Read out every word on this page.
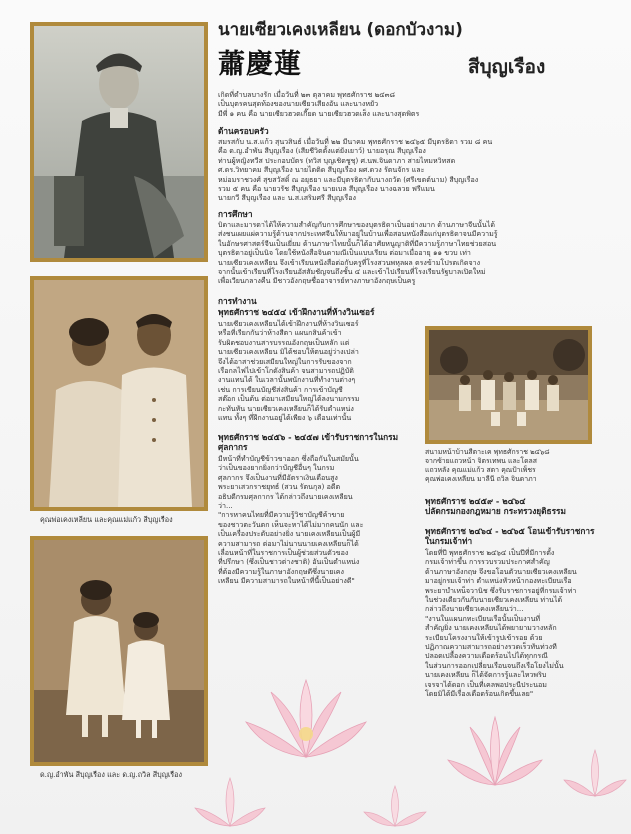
นายเซียวเคงเหลียน (ดอกบัวงาม)
蕭慶蓮	สีบุญเรือง
เกิดที่ตำบลบางรัก เมื่อวันที่ ๒๓ ตุลาคม พุทธศักราช ๒๔๓๘
เป็นบุตรคนสุดท้องของนายเซียวเสียงอัน และนางหยัว
มีพี่ ๑ คน คือ นายเซียวฮวดเกี๊ยด นายเซียวฮวดเส็ง และนางสุดพิตร
ด้านครอบครัว
สมรสกับ น.ส.แก้ว สุนวสินธ์ เมื่อวันที่ ๒๒ มีนาคม พุทธศักราช ๒๔๖๕ มีบุตรธิดา รวม ๘ คน
คือ ด.ญ.อำพัน สีบุญเรือง (เสียชีวิตตั้งแต่ยังเยาว์) นายอรุณ สีบุญเรือง
ท่านผู้หญิงทวีส ประกอบบัตร (ทวิส บุญเชิดชูชุ) ศ.นพ.จินดาภา สายไหมหวิทสด
ศ.ดร.วิทยาคม สีบุญเรือง นายไตติด สีบุญเรือง ผศ.ดวง รัตนจักร และ
หม่อมราชวงศ์ สุขสวัสดิ์ ณ อยุธยา และมีบุตรธิดากับนางถวัด (ศรีเขตต์นาม) สีบุญเรือง
รวม ๕ คน คือ นายวรัช สีบุญเรือง นายเบล สีบุญเรือง นางฉลวย ฟรีแมน
นายกวี สีบุญเรือง และ น.ส.เสริมศรี สีบุญเรือง
การศึกษา
บิดาและมารดาได้ให้ความสำคัญกับการศึกษาของบุตรธิดาเป็นอย่างมาก ด้านภาษาจีนนั้นได้
ส่งชนเผยแผ่ความรู้ด้านจากประเทศจีนให้มาอยู่ในบ้านเพื่อสอนหนังสือแก่บุตรธิดาจนมีความรู้
ในอักษรศาสตร์จีนเป็นเยี่ยม ด้านภาษาไทยนั้นก็ได้อาศัยหนูญาติที่มีความรู้ภาษาไทยช่วยสอน
บุตรธิดาอยู่เป็นนิจ โดยใช้หนังสือจินดามณีเป็นแบบเรียน ต่อมาเมื่ออายุ ๑๑ ขวบ เท่า
นายเซียวเคงเหลียน จึงเข้าเรียนหนังสือต่อกับครูที่โรงสวนพหุลผล ตรงข้ามโปรตเกิดจาง
จากนั้นเข้าเรียนที่โรงเรียนอัสสัมชัญจนถึงชั้น ๔ และเข้าไปเรียนที่โรงเรียนรัฐบาลเปิดใหม่
เพื่อเวียนกลางคืน มีชาวอังกฤษชื่ออาจารย์ทางภาษาอังกฤษเป็นครู
คุณพ่อเคงเหลียน และคุณแม่แก้ว สีบุญเรือง
การทำงาน
พุทธศักราช ๒๔๕๔ เข้าฝึกงานที่ห้างวินเซอร์
นายเซียวเคงเหลียนได้เข้าฝึกงานที่ห้างวินเซอร์
หรือที่เรียกกันว่าห้างสีตา แผนกสินค้าเข้า
รับผิดชอบงานสารบรรณอังกฤษเป็นหลัก แต่
นายเซียวเคงเหลียน มิได้ชอบให้ตนอยู่ว่างเปล่า
จึงได้อาสาช่วยเสมียนใหญ่ในการรับของจาก
เรือกลไฟไปเข้าโกดังสินค้า จนสามารถปฏิบัติ
งานแทนได้ ในเวลานั้นพนักงานที่ทำงานต่างๆ
เช่น การเขียนบัญชีส่งสินค้า การเข้าบัญชี
สต๊อก เป็นต้น ต่อมาเสมียนใหญ่ได้ลงนามกรรม
กะทันหัน นายเซียวเคงเหลียนก็ได้รับตำแหน่ง
แทน ทั้งๆ ที่ฝึกงานอยู่ได้เพียง ๖ เดือนเท่านั้น
พุทธศักราช ๒๔๕๖ - ๒๔๕๗ เข้ารับราชการในกรมศุลกากร
มีหน้าที่ทำบัญชีข้าวขาออก ซึ่งถือกันในสมัยนั้น
ว่าเป็นของยากยิ่งกว่าบัญชีอื่นๆ ในกรม
ศุลกากร จึงเป็นงานที่มีอัตราเงินเดือนสูง
พระยาเสวกราชยุทธ์ (สวน รัตนกุล) อดีต
อธิบดีกรมศุลกากร ได้กล่าวถึงนายเคงเหลียน
ว่า...
"การหาคนไทยที่มีความรู้วิชาบัญชีค้าขาย
ของชาวตะวันตก เห็นจะหาได้ไม่มากคนนัก และ
เป็นเครื่องประดับอย่างยิ่ง นายเคงเหลียนเป็นผู้มี
ความสามารถ ต่อมาไม่นานนายเคงเหลียนก็ได้
เลื่อนหน้าที่ในราชการเป็นผู้ช่วยส่วนตัวของ
ที่ปรึกษา (ซึ่งเป็นชาวต่างชาติ) อันเป็นตำแหน่ง
ที่ต้องมีความรู้ในภาษาอังกฤษดีซึ่งนายเคง
เหลียน มีความสามารถในหน้าที่นี้เป็นอย่างดี"
สนามหน้าบ้านสีตาะเค พุทธศักราช ๒๔๖๘
จากซ้ายแถวหน้า จิตรเทพน และโดลส
แถวหลัง คุณแม่แก้ว สตา คุณป้าเพ็ชร
คุณพ่อเคงเหลียน มาลีนี ถวิล จินดาภา
พุทธศักราช ๒๔๕๙ - ๒๔๖๔
ปลัดกรมกองกฎหมาย กระทรวงยุติธรรม
พุทธศักราช ๒๔๖๔ - ๒๔๖๕ โอนเข้ารับราชการในกรมเจ้าท่า
โดยที่ปี พุทธศักราช ๒๔๖๔ เป็นปีที่มีการตั้ง
กรมเจ้าท่าขึ้น การรวบรวมประกาศสำคัญ
ด้านภาษาอังกฤษ จึงขอโอนตัวนายเซียวเคงเหลียน
มาอยู่กรมเจ้าท่า ตำแหน่งหัวหน้ากองทะเบียนเรือ
พระยาบำเหน็จวานิช ซึ่งรับราชการอยู่ที่กรมเจ้าท่า
ในช่วงเดียวกันกับนายเซียวเคงเหลียน ท่านได้
กล่าวถึงนายเซียวเคงเหลียนว่า...
"งานในแผนกทะเบียนเรือนั้นเป็นงานที่
สำคัญยิ่ง นายเคงเหลียนได้พยายามวางหลัก
ระเบียบโครงงานให้เข้ารูปเข้ารอย ด้วย
ปฏิภาณความสามารถอย่างรวดเร็วทันท่วงที
ปลอดเปลื้องความเดือดร้อนไปได้ทุกกรณี
ในส่วนการออกเปลี่ยนเรือนจนถึงเรือโยงไม่นั้น
นายเคงเหลียน ก็ได้จัดการรู้และไหวพริบ
เจรจาได้ดอก เป็นที่เคลพอประนีประนอม
โดยมิได้มีเรื่องเดือดร้อนเกิดขึ้นเลย"
ด.ญ.อำพัน สีบุญเรือง และ ด.ญ.ถวิล สีบุญเรือง
